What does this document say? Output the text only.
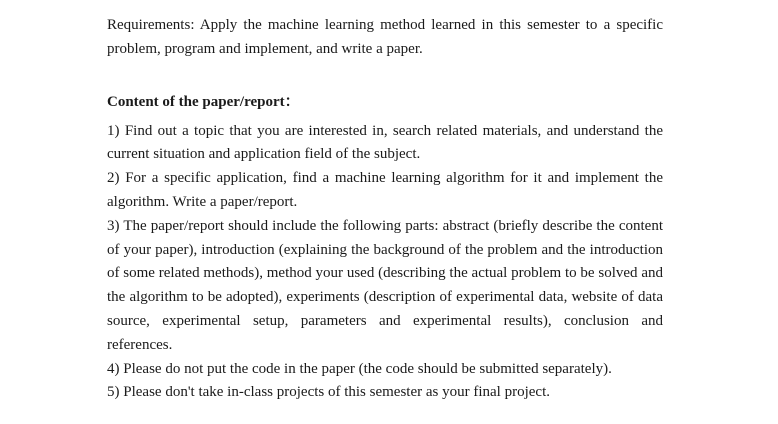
Requirements: Apply the machine learning method learned in this semester to a specific problem, program and implement, and write a paper.

Content of the paper/report：
1) Find out a topic that you are interested in, search related materials, and understand the current situation and application field of the subject.
2) For a specific application, find a machine learning algorithm for it and implement the algorithm. Write a paper/report.
3) The paper/report should include the following parts: abstract (briefly describe the content of your paper), introduction (explaining the background of the problem and the introduction of some related methods), method your used (describing the actual problem to be solved and the algorithm to be adopted), experiments (description of experimental data, website of data source, experimental setup, parameters and experimental results), conclusion and references.
4) Please do not put the code in the paper (the code should be submitted separately).
5) Please don't take in-class projects of this semester as your final project.
